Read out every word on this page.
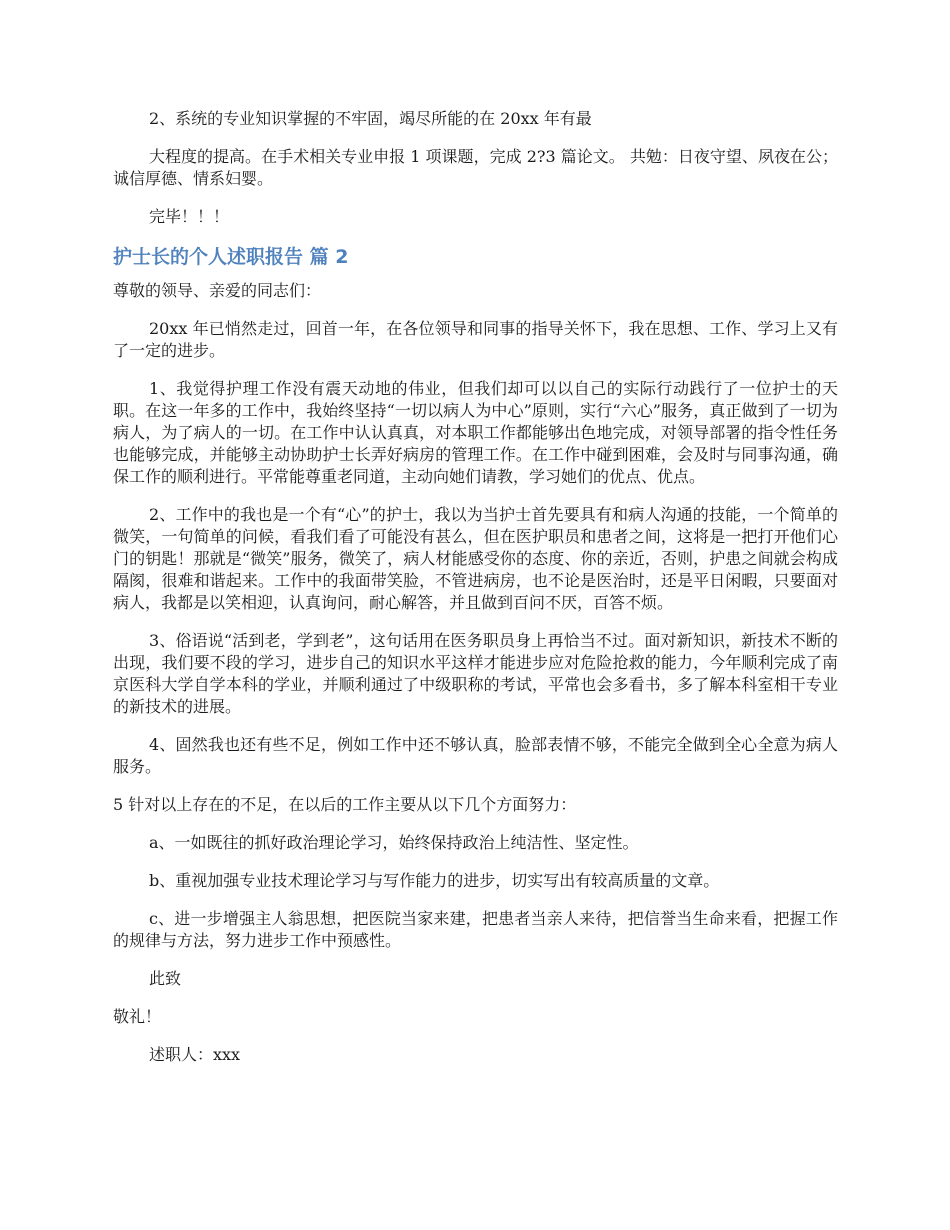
2、系统的专业知识掌握的不牢固，竭尽所能的在 20xx 年有最

大程度的提高。在手术相关专业申报 1 项课题，完成 2?3 篇论文。 共勉：日夜守望、夙夜在公；诚信厚德、情系妇婴。

完毕！！！

护士长的个人述职报告 篇 2

尊敬的领导、亲爱的同志们：

20xx 年已悄然走过，回首一年，在各位领导和同事的指导关怀下，我在思想、工作、学习上又有了一定的进步。

1、我觉得护理工作没有震天动地的伟业，但我们却可以以自己的实际行动践行了一位护士的天职。在这一年多的工作中，我始终坚持“一切以病人为中心”原则，实行“六心”服务，真正做到了一切为病人，为了病人的一切。在工作中认认真真，对本职工作都能够出色地完成，对领导部署的指令性任务也能够完成，并能够主动协助护士长弄好病房的管理工作。在工作中碰到困难，会及时与同事沟通，确保工作的顺利进行。平常能尊重老同道，主动向她们请教，学习她们的优点、优点。

2、工作中的我也是一个有“心”的护士，我以为当护士首先要具有和病人沟通的技能，一个简单的微笑，一句简单的问候，看我们看了可能没有甚么，但在医护职员和患者之间，这将是一把打开他们心门的钥匙！那就是“微笑”服务，微笑了，病人材能感受你的态度、你的亲近，否则，护患之间就会构成隔阂，很难和谐起来。工作中的我面带笑脸，不管进病房，也不论是医治时，还是平日闲暇，只要面对病人，我都是以笑相迎，认真询问，耐心解答，并且做到百问不厌，百答不烦。

3、俗语说“活到老，学到老”，这句话用在医务职员身上再恰当不过。面对新知识，新技术不断的出现，我们要不段的学习，进步自己的知识水平这样才能进步应对危险抢救的能力，今年顺利完成了南京医科大学自学本科的学业，并顺利通过了中级职称的考试，平常也会多看书，多了解本科室相干专业的新技术的进展。

4、固然我也还有些不足，例如工作中还不够认真，脸部表情不够，不能完全做到全心全意为病人服务。

5 针对以上存在的不足，在以后的工作主要从以下几个方面努力：

a、一如既往的抓好政治理论学习，始终保持政治上纯洁性、坚定性。

b、重视加强专业技术理论学习与写作能力的进步，切实写出有较高质量的文章。

c、进一步增强主人翁思想，把医院当家来建，把患者当亲人来待，把信誉当生命来看，把握工作的规律与方法，努力进步工作中预感性。

此致

敬礼！

述职人：xxx
